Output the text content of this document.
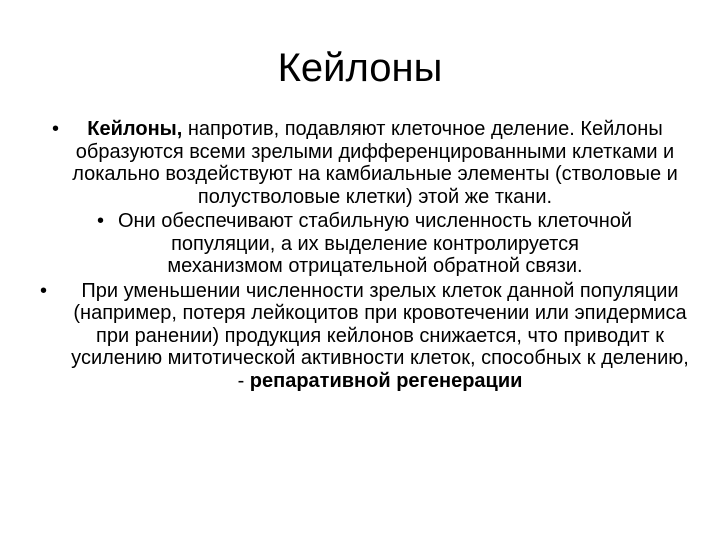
Кейлоны

• Кейлоны, напротив, подавляют клеточное деление. Кейлоны образуются всеми зрелыми дифференцированными клетками и локально воздействуют на камбиальные элементы (стволовые и полустволовые клетки) этой же ткани.

• Они обеспечивают стабильную численность клеточной популяции, а их выделение контролируется механизмом отрицательной обратной связи.

• При уменьшении численности зрелых клеток данной популяции (например, потеря лейкоцитов при кровотечении или эпидермиса при ранении) продукция кейлонов снижается, что приводит к усилению митотической активности клеток, способных к делению, - репаративной регенерации
